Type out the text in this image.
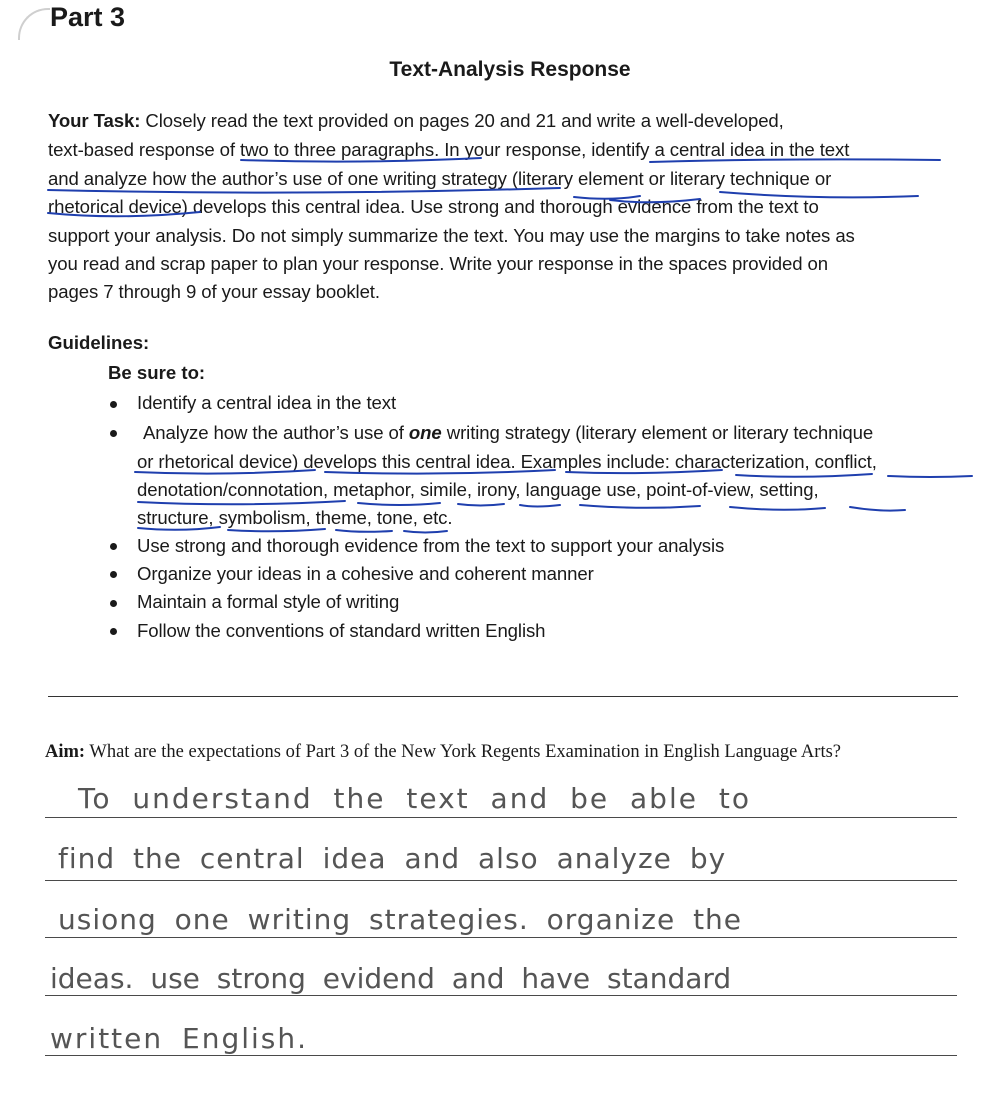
Part 3
Text-Analysis Response
Your Task: Closely read the text provided on pages 20 and 21 and write a well-developed,
text-based response of two to three paragraphs. In your response, identify a central idea in the text
and analyze how the author’s use of one writing strategy (literary element or literary technique or
rhetorical device) develops this central idea. Use strong and thorough evidence from the text to
support your analysis. Do not simply summarize the text. You may use the margins to take notes as
you read and scrap paper to plan your response. Write your response in the spaces provided on
pages 7 through 9 of your essay booklet.
Guidelines:
Be sure to:
Identify a central idea in the text
Analyze how the author’s use of one writing strategy (literary element or literary technique
or rhetorical device) develops this central idea. Examples include: characterization, conflict,
denotation/connotation, metaphor, simile, irony, language use, point-of-view, setting,
structure, symbolism, theme, tone, etc.
Use strong and thorough evidence from the text to support your analysis
Organize your ideas in a cohesive and coherent manner
Maintain a formal style of writing
Follow the conventions of standard written English
Aim: What are the expectations of Part 3 of the New York Regents Examination in English Language Arts?
To understand the text and be able to
find the central idea and also analyze by
usiong one writing strategies. organize the
ideas. use strong evidend and have standard
written English.
